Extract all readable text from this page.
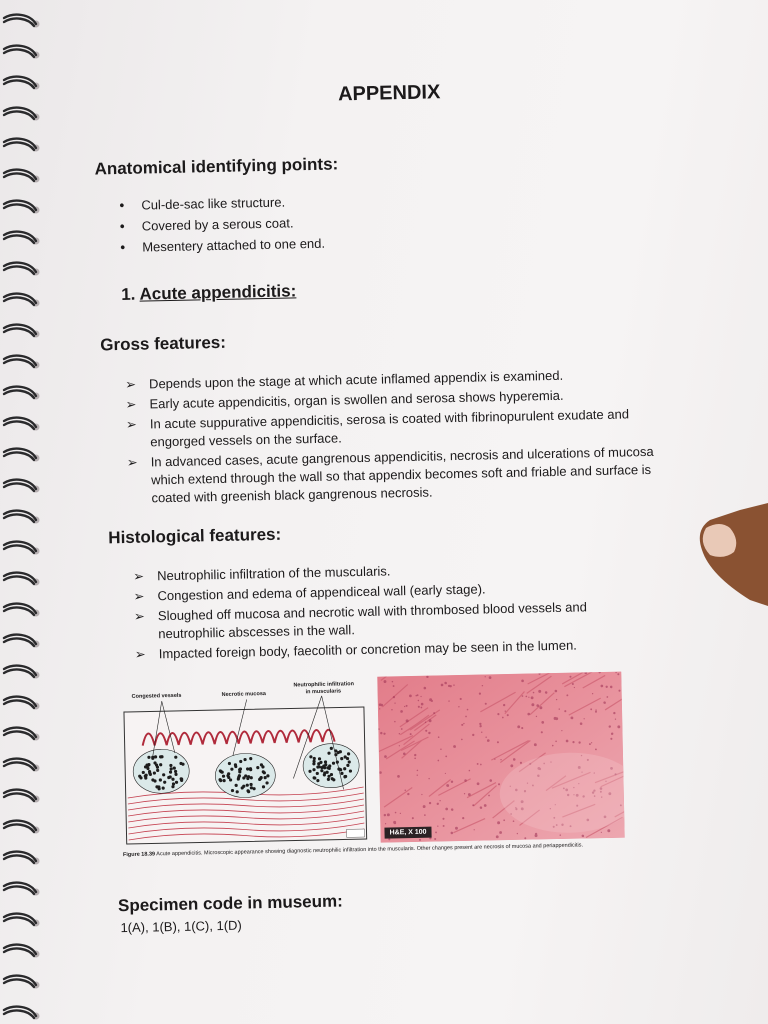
APPENDIX
Anatomical identifying points:
• Cul-de-sac like structure.
• Covered by a serous coat.
• Mesentery attached to one end.
1. Acute appendicitis:
Gross features:
➢ Depends upon the stage at which acute inflamed appendix is examined.
➢ Early acute appendicitis, organ is swollen and serosa shows hyperemia.
➢ In acute suppurative appendicitis, serosa is coated with fibrinopurulent exudate and engorged vessels on the surface.
➢ In advanced cases, acute gangrenous appendicitis, necrosis and ulcerations of mucosa which extend through the wall so that appendix becomes soft and friable and surface is coated with greenish black gangrenous necrosis.
Histological features:
➢ Neutrophilic infiltration of the muscularis.
➢ Congestion and edema of appendiceal wall (early stage).
➢ Sloughed off mucosa and necrotic wall with thrombosed blood vessels and neutrophilic abscesses in the wall.
➢ Impacted foreign body, faecolith or concretion may be seen in the lumen.
Congested vessels	Necrotic mucosa
Neutrophilic infiltration
in muscularis
H&E, X 100
Figure 18.39 Acute appendicitis. Microscopic appearance showing diagnostic neutrophilic infiltration into the muscularis. Other changes present are necrosis of mucosa and periappendicitis.
Specimen code in museum:
1(A), 1(B), 1(C), 1(D)
